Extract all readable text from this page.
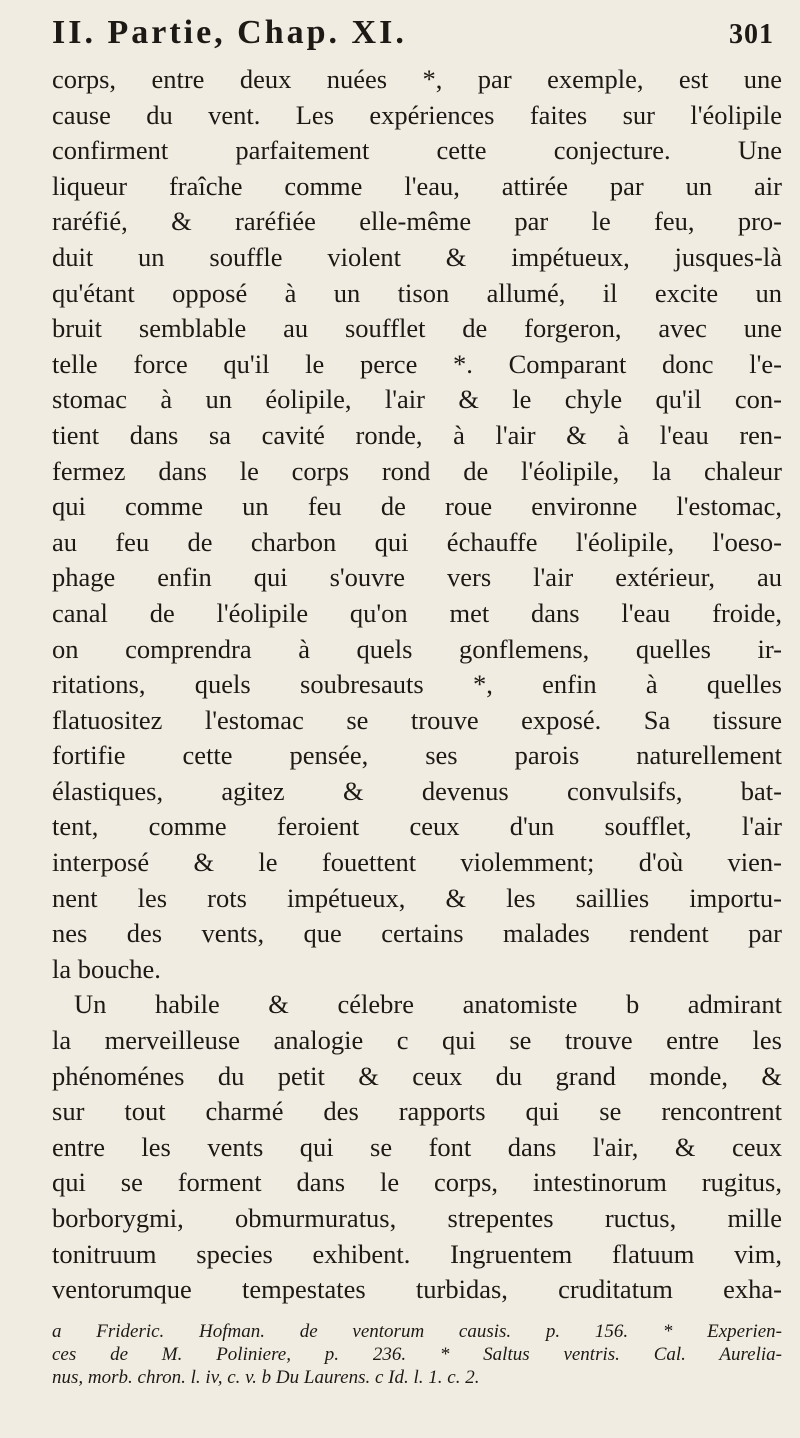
II. Partie, Chap. XI.	301

corps, entre deux nuées *, par exemple, est une

cause du vent. Les expériences faites sur l'éolipile

confirment parfaitement cette conjecture. Une

liqueur fraîche comme l'eau, attirée par un air

raréfié, & raréfiée elle-même par le feu, pro-

duit un souffle violent & impétueux, jusques-là

qu'étant opposé à un tison allumé, il excite un

bruit semblable au soufflet de forgeron, avec une

telle force qu'il le perce *. Comparant donc l'e-

stomac à un éolipile, l'air & le chyle qu'il con-

tient dans sa cavité ronde, à l'air & à l'eau ren-

fermez dans le corps rond de l'éolipile, la chaleur

qui comme un feu de roue environne l'estomac,

au feu de charbon qui échauffe l'éolipile, l'oeso-

phage enfin qui s'ouvre vers l'air extérieur, au

canal de l'éolipile qu'on met dans l'eau froide,

on comprendra à quels gonflemens, quelles ir-

ritations, quels soubresauts *, enfin à quelles

flatuositez l'estomac se trouve exposé. Sa tissure

fortifie cette pensée, ses parois naturellement

élastiques, agitez & devenus convulsifs, bat-

tent, comme feroient ceux d'un soufflet, l'air

interposé & le fouettent violemment; d'où vien-

nent les rots impétueux, & les saillies importu-

nes des vents, que certains malades rendent par

la bouche.

Un habile & célebre anatomiste b admirant

la merveilleuse analogie c qui se trouve entre les

phénoménes du petit & ceux du grand monde, &

sur tout charmé des rapports qui se rencontrent

entre les vents qui se font dans l'air, & ceux

qui se forment dans le corps, intestinorum rugitus,

borborygmi, obmurmuratus, strepentes ructus, mille

tonitruum species exhibent. Ingruentem flatuum vim,

ventorumque tempestates turbidas, cruditatum exha-

a Frideric. Hofman. de ventorum causis. p. 156. * Experien-

ces de M. Poliniere, p. 236. * Saltus ventris. Cal. Aurelia-

nus, morb. chron. l. iv, c. v. b Du Laurens. c Id. l. 1. c. 2.
